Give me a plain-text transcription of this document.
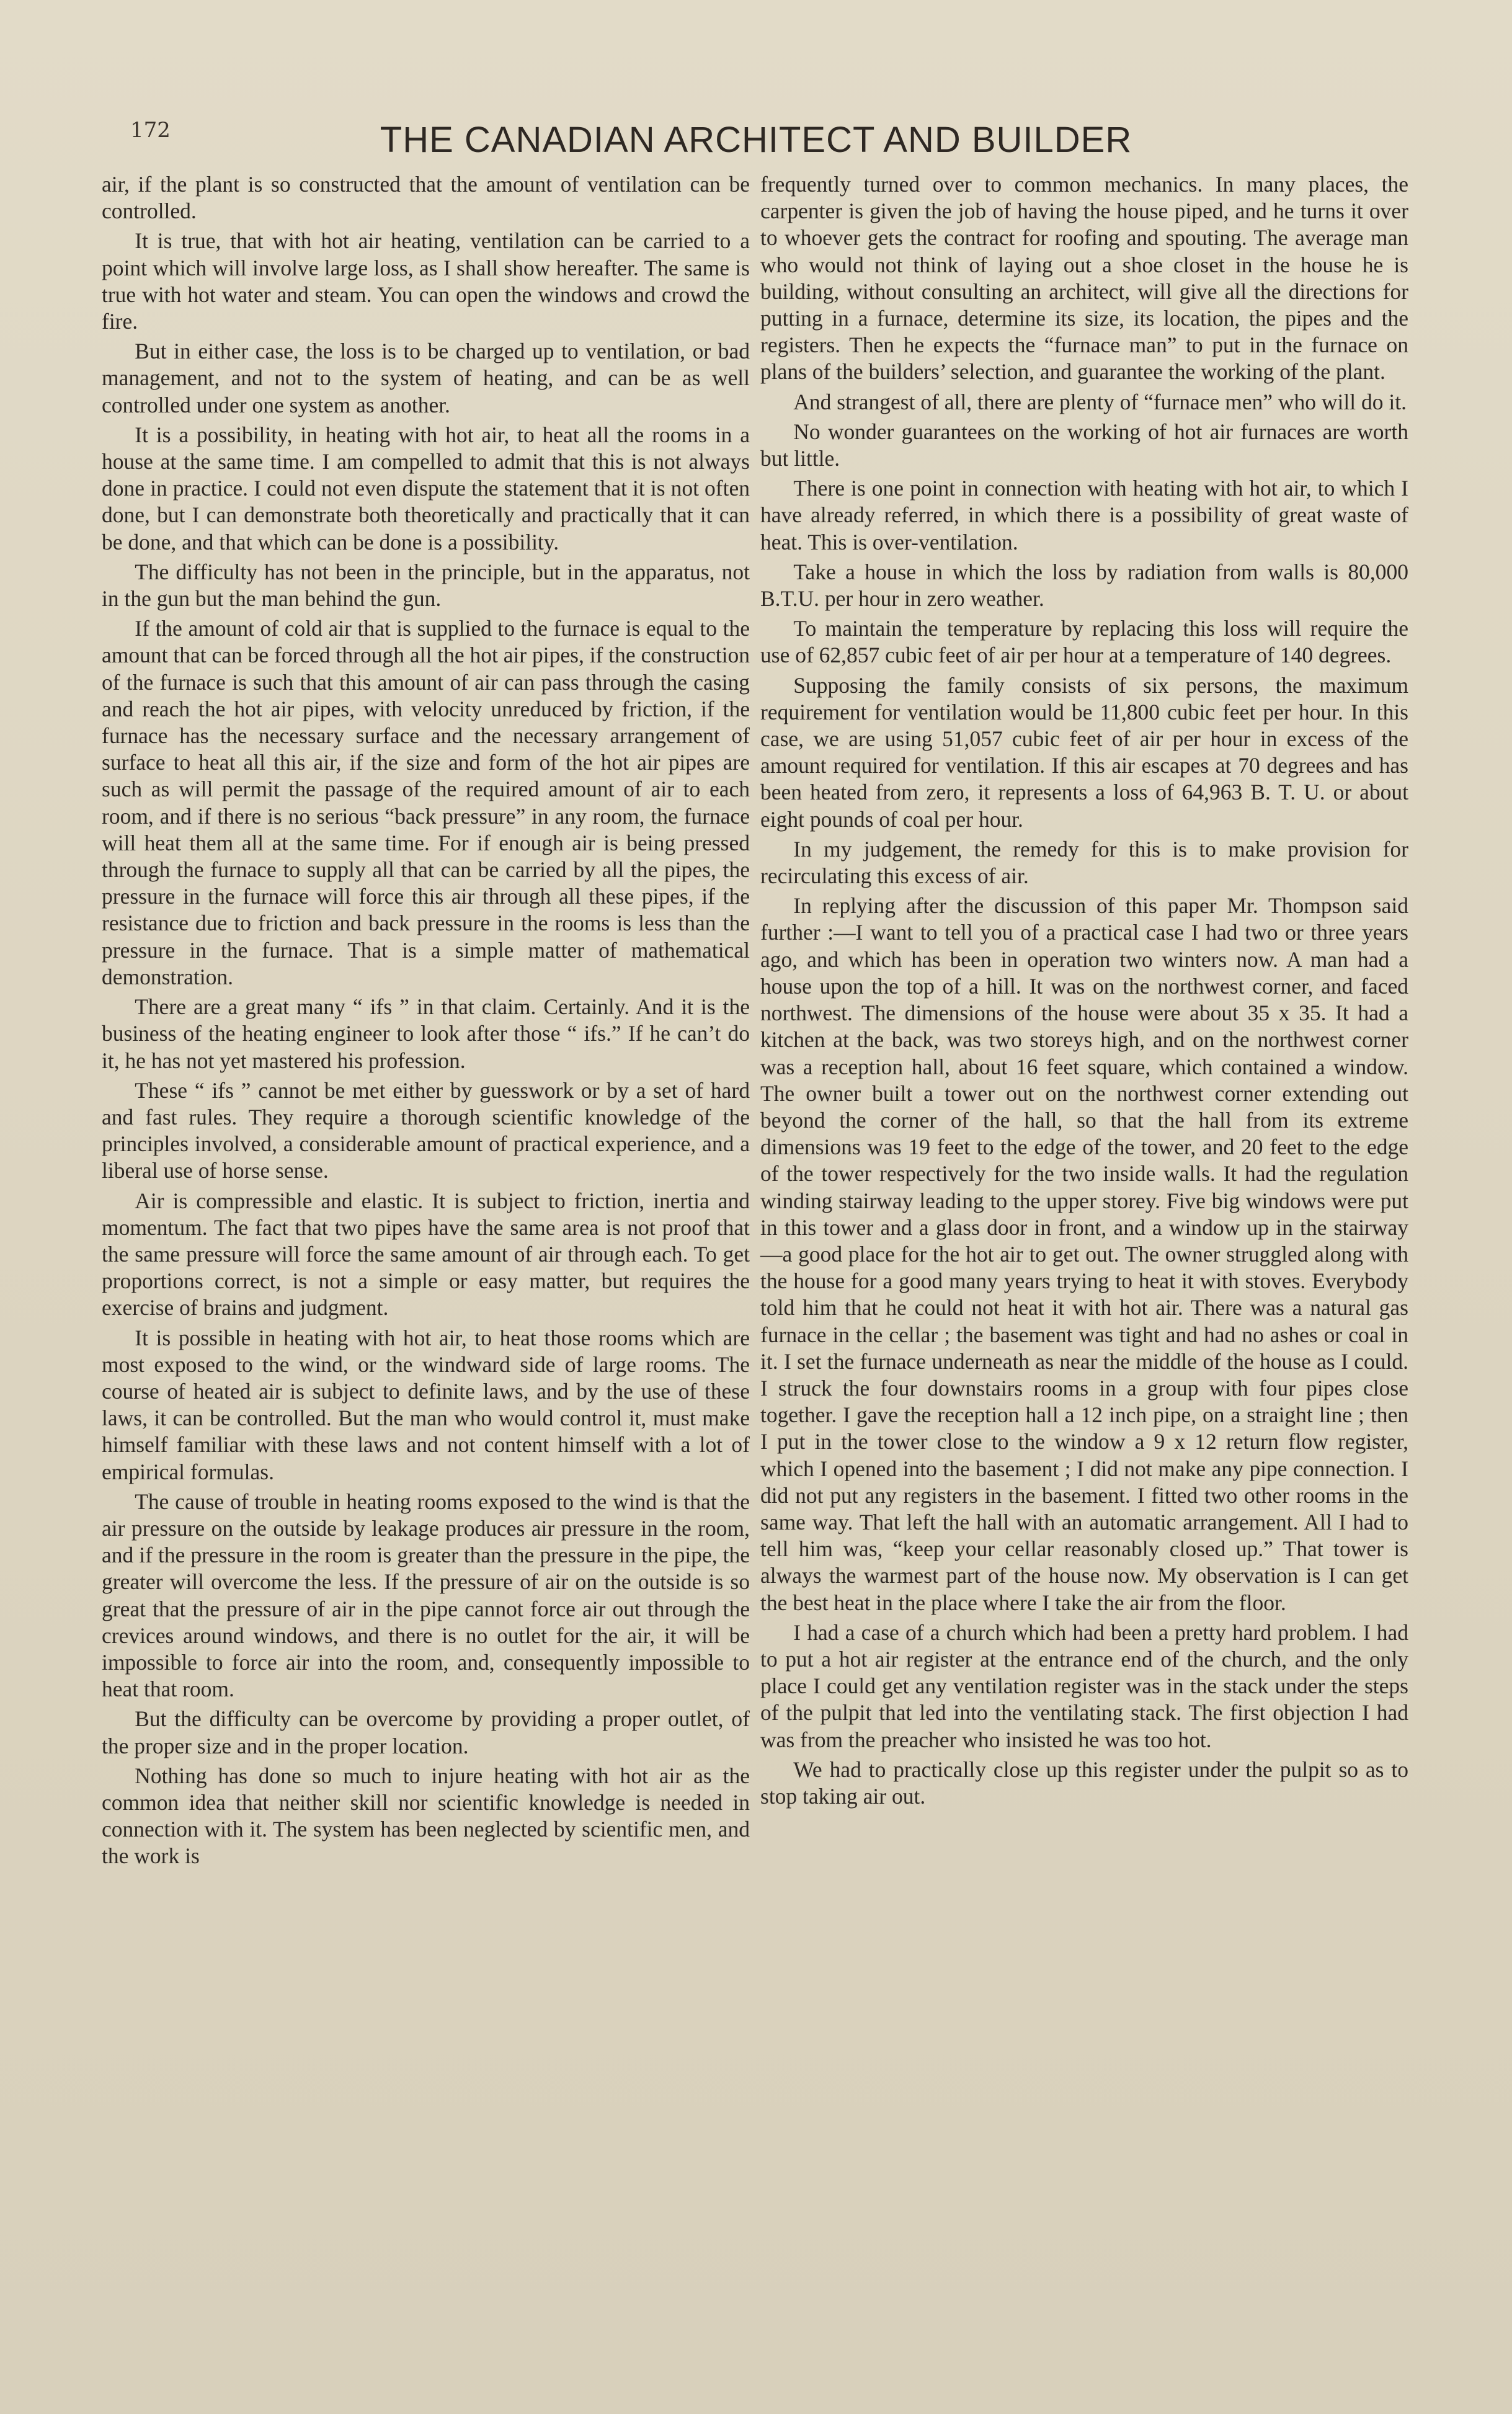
172	THE CANADIAN ARCHITECT AND BUILDER

air, if the plant is so constructed that the amount of ventilation can be controlled.

It is true, that with hot air heating, ventilation can be carried to a point which will involve large loss, as I shall show hereafter. The same is true with hot water and steam. You can open the windows and crowd the fire.

But in either case, the loss is to be charged up to ventilation, or bad management, and not to the system of heating, and can be as well controlled under one system as another.

It is a possibility, in heating with hot air, to heat all the rooms in a house at the same time. I am compelled to admit that this is not always done in practice. I could not even dispute the statement that it is not often done, but I can demonstrate both theoretically and practically that it can be done, and that which can be done is a possibility.

The difficulty has not been in the principle, but in the apparatus, not in the gun but the man behind the gun.

If the amount of cold air that is supplied to the furnace is equal to the amount that can be forced through all the hot air pipes, if the construction of the furnace is such that this amount of air can pass through the casing and reach the hot air pipes, with velocity unreduced by friction, if the furnace has the necessary surface and the necessary arrangement of surface to heat all this air, if the size and form of the hot air pipes are such as will permit the passage of the required amount of air to each room, and if there is no serious “back pressure” in any room, the furnace will heat them all at the same time. For if enough air is being pressed through the furnace to supply all that can be carried by all the pipes, the pressure in the furnace will force this air through all these pipes, if the resistance due to friction and back pressure in the rooms is less than the pressure in the furnace. That is a simple matter of mathematical demonstration.

There are a great many “ ifs ” in that claim. Certainly. And it is the business of the heating engineer to look after those “ ifs.” If he can’t do it, he has not yet mastered his profession.

These “ ifs ” cannot be met either by guesswork or by a set of hard and fast rules. They require a thorough scientific knowledge of the principles involved, a considerable amount of practical experience, and a liberal use of horse sense.

Air is compressible and elastic. It is subject to friction, inertia and momentum. The fact that two pipes have the same area is not proof that the same pressure will force the same amount of air through each. To get proportions correct, is not a simple or easy matter, but requires the exercise of brains and judgment.

It is possible in heating with hot air, to heat those rooms which are most exposed to the wind, or the windward side of large rooms. The course of heated air is subject to definite laws, and by the use of these laws, it can be controlled. But the man who would control it, must make himself familiar with these laws and not content himself with a lot of empirical formulas.

The cause of trouble in heating rooms exposed to the wind is that the air pressure on the outside by leakage produces air pressure in the room, and if the pressure in the room is greater than the pressure in the pipe, the greater will overcome the less. If the pressure of air on the outside is so great that the pressure of air in the pipe cannot force air out through the crevices around windows, and there is no outlet for the air, it will be impossible to force air into the room, and, consequently impossible to heat that room.

But the difficulty can be overcome by providing a proper outlet, of the proper size and in the proper location.

Nothing has done so much to injure heating with hot air as the common idea that neither skill nor scientific knowledge is needed in connection with it. The system has been neglected by scientific men, and the work is

frequently turned over to common mechanics. In many places, the carpenter is given the job of having the house piped, and he turns it over to whoever gets the contract for roofing and spouting. The average man who would not think of laying out a shoe closet in the house he is building, without consulting an architect, will give all the directions for putting in a furnace, determine its size, its location, the pipes and the registers. Then he expects the “furnace man” to put in the furnace on plans of the builders’ selection, and guarantee the working of the plant.

And strangest of all, there are plenty of “furnace men” who will do it.

No wonder guarantees on the working of hot air furnaces are worth but little.

There is one point in connection with heating with hot air, to which I have already referred, in which there is a possibility of great waste of heat. This is over-ventilation.

Take a house in which the loss by radiation from walls is 80,000 B.T.U. per hour in zero weather.

To maintain the temperature by replacing this loss will require the use of 62,857 cubic feet of air per hour at a temperature of 140 degrees.

Supposing the family consists of six persons, the maximum requirement for ventilation would be 11,800 cubic feet per hour. In this case, we are using 51,057 cubic feet of air per hour in excess of the amount required for ventilation. If this air escapes at 70 degrees and has been heated from zero, it represents a loss of 64,963 B. T. U. or about eight pounds of coal per hour.

In my judgement, the remedy for this is to make provision for recirculating this excess of air.

In replying after the discussion of this paper Mr. Thompson said further :—I want to tell you of a practical case I had two or three years ago, and which has been in operation two winters now. A man had a house upon the top of a hill. It was on the northwest corner, and faced northwest. The dimensions of the house were about 35 x 35. It had a kitchen at the back, was two storeys high, and on the northwest corner was a reception hall, about 16 feet square, which contained a window. The owner built a tower out on the northwest corner extending out beyond the corner of the hall, so that the hall from its extreme dimensions was 19 feet to the edge of the tower, and 20 feet to the edge of the tower respectively for the two inside walls. It had the regulation winding stairway leading to the upper storey. Five big windows were put in this tower and a glass door in front, and a window up in the stairway—a good place for the hot air to get out. The owner struggled along with the house for a good many years trying to heat it with stoves. Everybody told him that he could not heat it with hot air. There was a natural gas furnace in the cellar ; the basement was tight and had no ashes or coal in it. I set the furnace underneath as near the middle of the house as I could. I struck the four downstairs rooms in a group with four pipes close together. I gave the reception hall a 12 inch pipe, on a straight line ; then I put in the tower close to the window a 9 x 12 return flow register, which I opened into the basement ; I did not make any pipe connection. I did not put any registers in the basement. I fitted two other rooms in the same way. That left the hall with an automatic arrangement. All I had to tell him was, “keep your cellar reasonably closed up.” That tower is always the warmest part of the house now. My observation is I can get the best heat in the place where I take the air from the floor.

I had a case of a church which had been a pretty hard problem. I had to put a hot air register at the entrance end of the church, and the only place I could get any ventilation register was in the stack under the steps of the pulpit that led into the ventilating stack. The first objection I had was from the preacher who insisted he was too hot.

We had to practically close up this register under the pulpit so as to stop taking air out.
